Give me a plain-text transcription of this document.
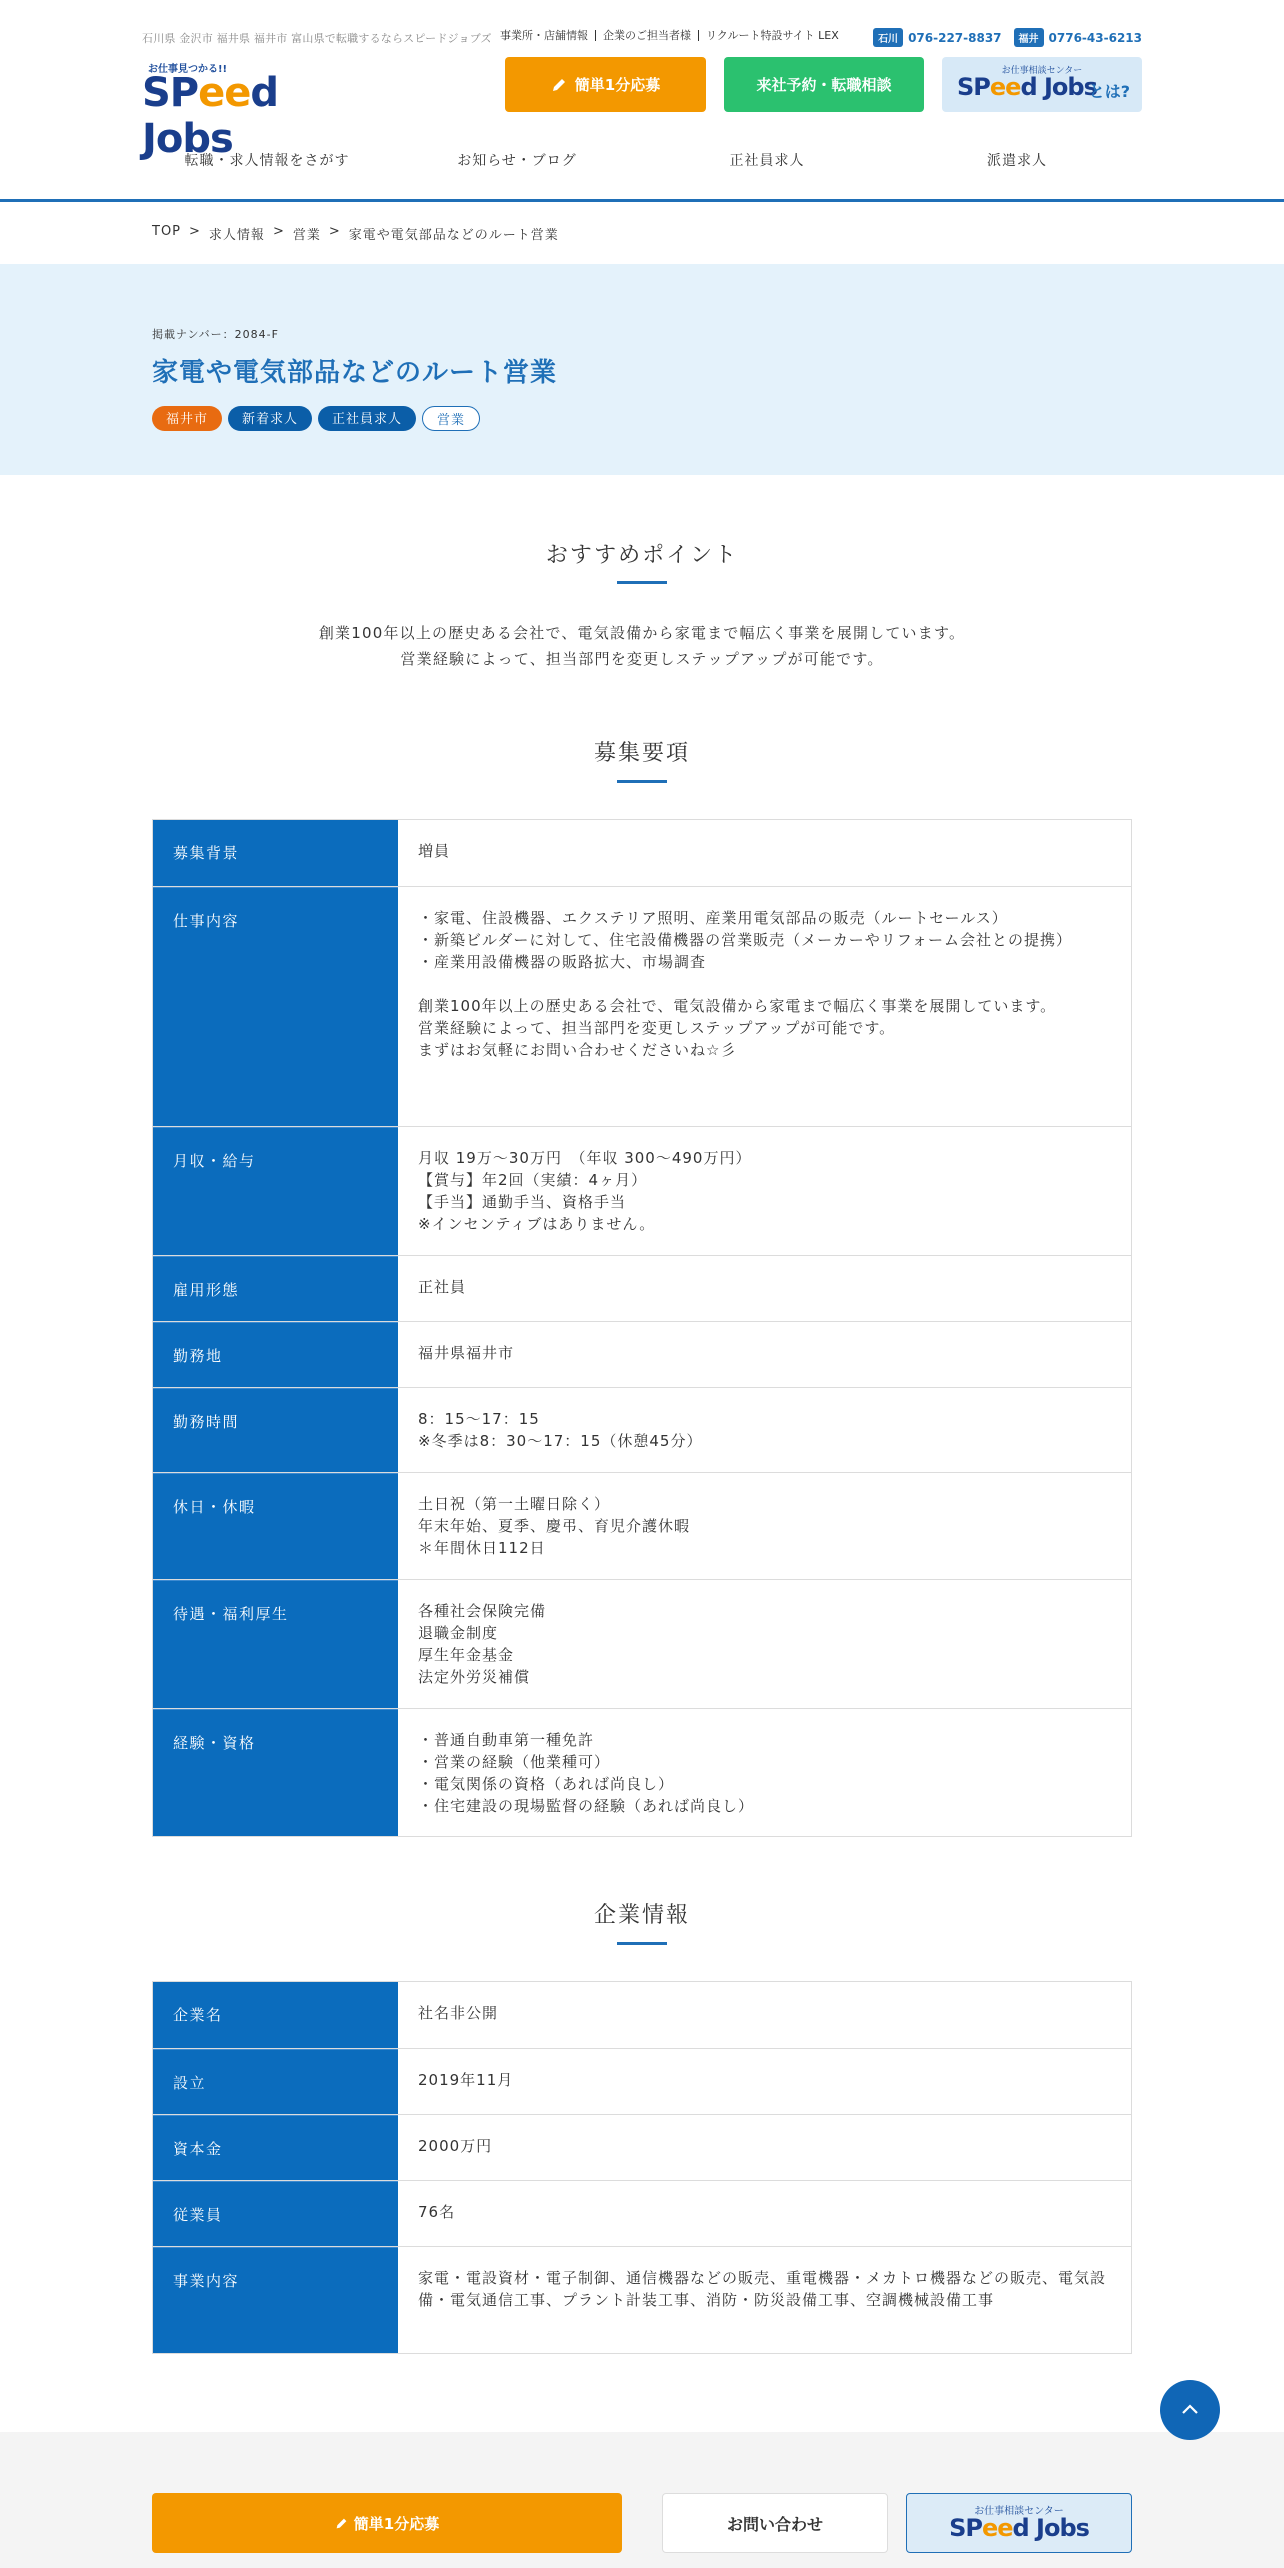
石川県 金沢市 福井県 福井市 富山県で転職するならスピードジョブズ 事業所・店舗情報	企業のご担当者様	リクルート特設サイト LEX	石川 076-227-8837	福井 0776-43-6213
お仕事見つかる!!
SPeed Jobs
簡単1分応募	来社予約・転職相談
お仕事相談センター
SPeed Jobs
とは?
転職・求人情報をさがす	お知らせ・ブログ	正社員求人	派遣求人
TOP > 求人情報 > 営業 > 家電や電気部品などのルート営業
掲載ナンバー：2084-F
家電や電気部品などのルート営業
福井市	新着求人	正社員求人	営業
おすすめポイント
創業100年以上の歴史ある会社で、電気設備から家電まで幅広く事業を展開しています。
営業経験によって、担当部門を変更しステップアップが可能です。
募集要項
募集背景	増員
仕事内容	・家電、住設機器、エクステリア照明、産業用電気部品の販売（ルートセールス）
・新築ビルダーに対して、住宅設備機器の営業販売（メーカーやリフォーム会社との提携）
・産業用設備機器の販路拡大、市場調査

創業100年以上の歴史ある会社で、電気設備から家電まで幅広く事業を展開しています。
営業経験によって、担当部門を変更しステップアップが可能です。
まずはお気軽にお問い合わせくださいね☆彡
月収・給与	月収 19万～30万円　（年収 300～490万円）
【賞与】年2回（実績：4ヶ月）
【手当】通勤手当、資格手当
※インセンティブはありません。
雇用形態	正社員
勤務地	福井県福井市
勤務時間	8：15～17：15
※冬季は8：30～17：15（休憩45分）
休日・休暇	土日祝（第一土曜日除く）
年末年始、夏季、慶弔、育児介護休暇
＊年間休日112日
待遇・福利厚生	各種社会保険完備
退職金制度
厚生年金基金
法定外労災補償
経験・資格	・普通自動車第一種免許
・営業の経験（他業種可）
・電気関係の資格（あれば尚良し）
・住宅建設の現場監督の経験（あれば尚良し）
企業情報
企業名	社名非公開
設立	2019年11月
資本金	2000万円
従業員	76名
事業内容	家電・電設資材・電子制御、通信機器などの販売、重電機器・メカトロ機器などの販売、電気設備・電気通信工事、プラント計装工事、消防・防災設備工事、空調機械設備工事
簡単1分応募	お問い合わせ
お仕事相談センター
SPeed Jobs
